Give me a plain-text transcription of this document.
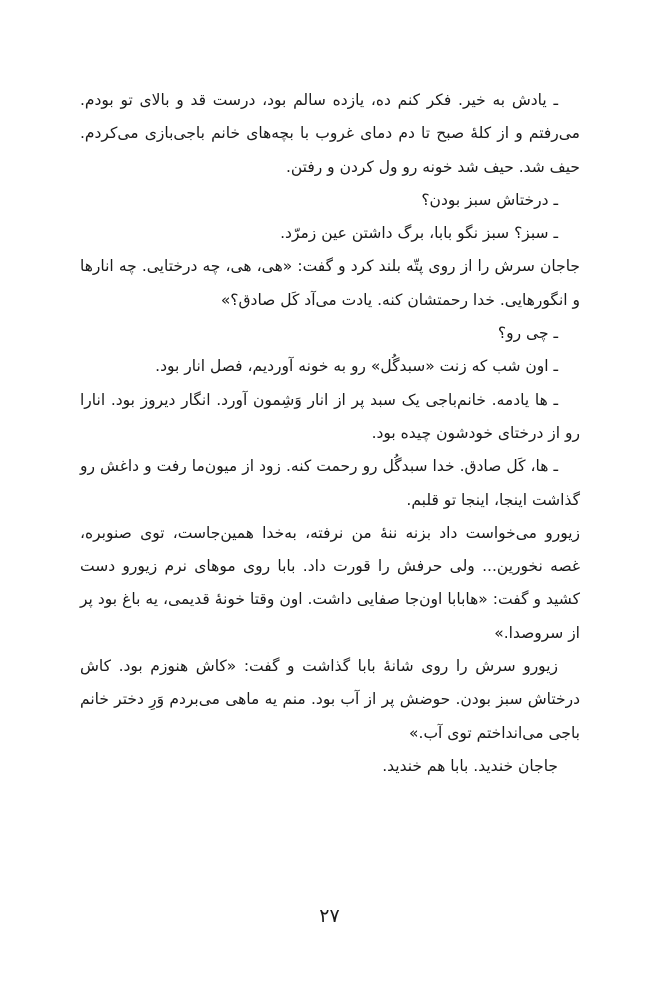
ـ یادش به خیر. فکر کنم ده، یازده سالم بود، درست قد و بالای تو بودم. می‌رفتم و از کلهٔ صبح تا دم دمای غروب با بچه‌های خانم باجی‌بازی می‌کردم. حیف شد. حیف شد خونه رو ول کردن و رفتن.

ـ درختاش سبز بودن؟

ـ سبز؟ سبز نگو بابا، برگ داشتن عین زمرّد.

جاجان سرش را از روی پتّه بلند کرد و گفت: «هی، هی، چه درختایی. چه انارها و انگورهایی. خدا رحمتشان کنه. یادت می‌آد کَل صادق؟»

ـ چی رو؟

ـ اون شب که زنت «سبدگُل» رو به خونه آوردیم، فصل انار بود.

ـ ها یادمه. خانم‌باجی یک سبد پر از انار وَشِمون آورد. انگار دیروز بود. انارا رو از درختای خودشون چیده بود.

ـ ها، کَل صادق. خدا سبدگُل رو رحمت کنه. زود از میون‌ما رفت و داغش رو گذاشت اینجا، اینجا تو قلبم.

زیورو می‌خواست داد بزنه ننهٔ من نرفته، به‌خدا همین‌جاست، توی صنوبره، غصه نخورین... ولی حرفش را قورت داد. بابا روی موهای نرم زیورو دست کشید و گفت: «ها‌بابا اون‌جا صفایی داشت. اون وقتا خونهٔ قدیمی، یه باغ بود پر از سروصدا.»

زیورو سرش را روی شانهٔ بابا گذاشت و گفت: «کاش هنوزم بود. کاش درختاش سبز بودن. حوضش پر از آب بود. منم یه ماهی می‌بردم وَرِ دختر خانم باجی می‌انداختم توی آب.»

جاجان خندید. بابا هم خندید.

۲۷
